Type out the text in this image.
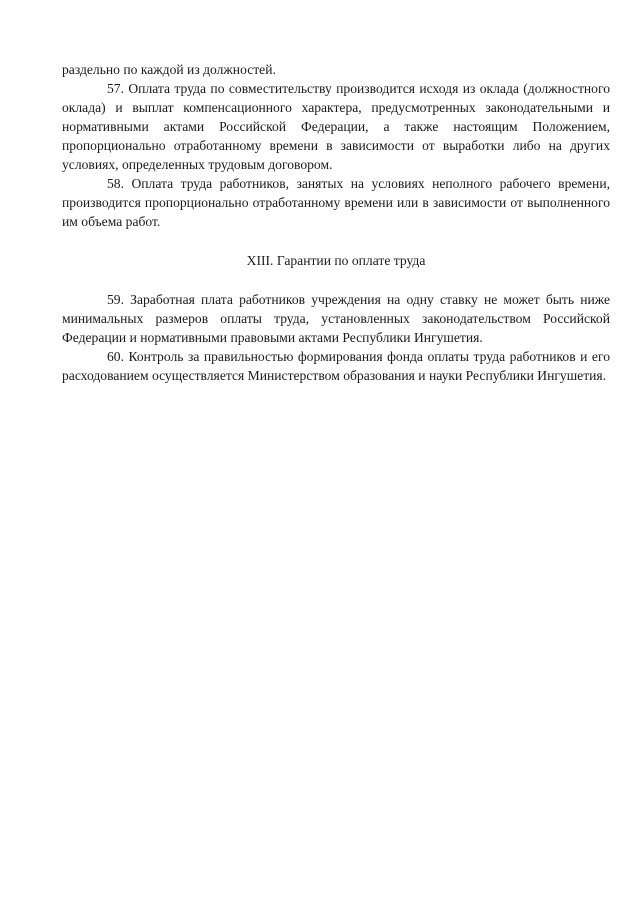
раздельно по каждой из должностей.

57. Оплата труда по совместительству производится исходя из оклада (должностного оклада) и выплат компенсационного характера, предусмотренных законодательными и нормативными актами Российской Федерации, а также настоящим Положением, пропорционально отработанному времени в зависимости от выработки либо на других условиях, определенных трудовым договором.

58. Оплата труда работников, занятых на условиях неполного рабочего времени, производится пропорционально отработанному времени или в зависимости от выполненного им объема работ.

XIII. Гарантии по оплате труда

59. Заработная плата работников учреждения на одну ставку не может быть ниже минимальных размеров оплаты труда, установленных законодательством Российской Федерации и нормативными правовыми актами Республики Ингушетия.

60. Контроль за правильностью формирования фонда оплаты труда работников и его расходованием осуществляется Министерством образования и науки Республики Ингушетия.
